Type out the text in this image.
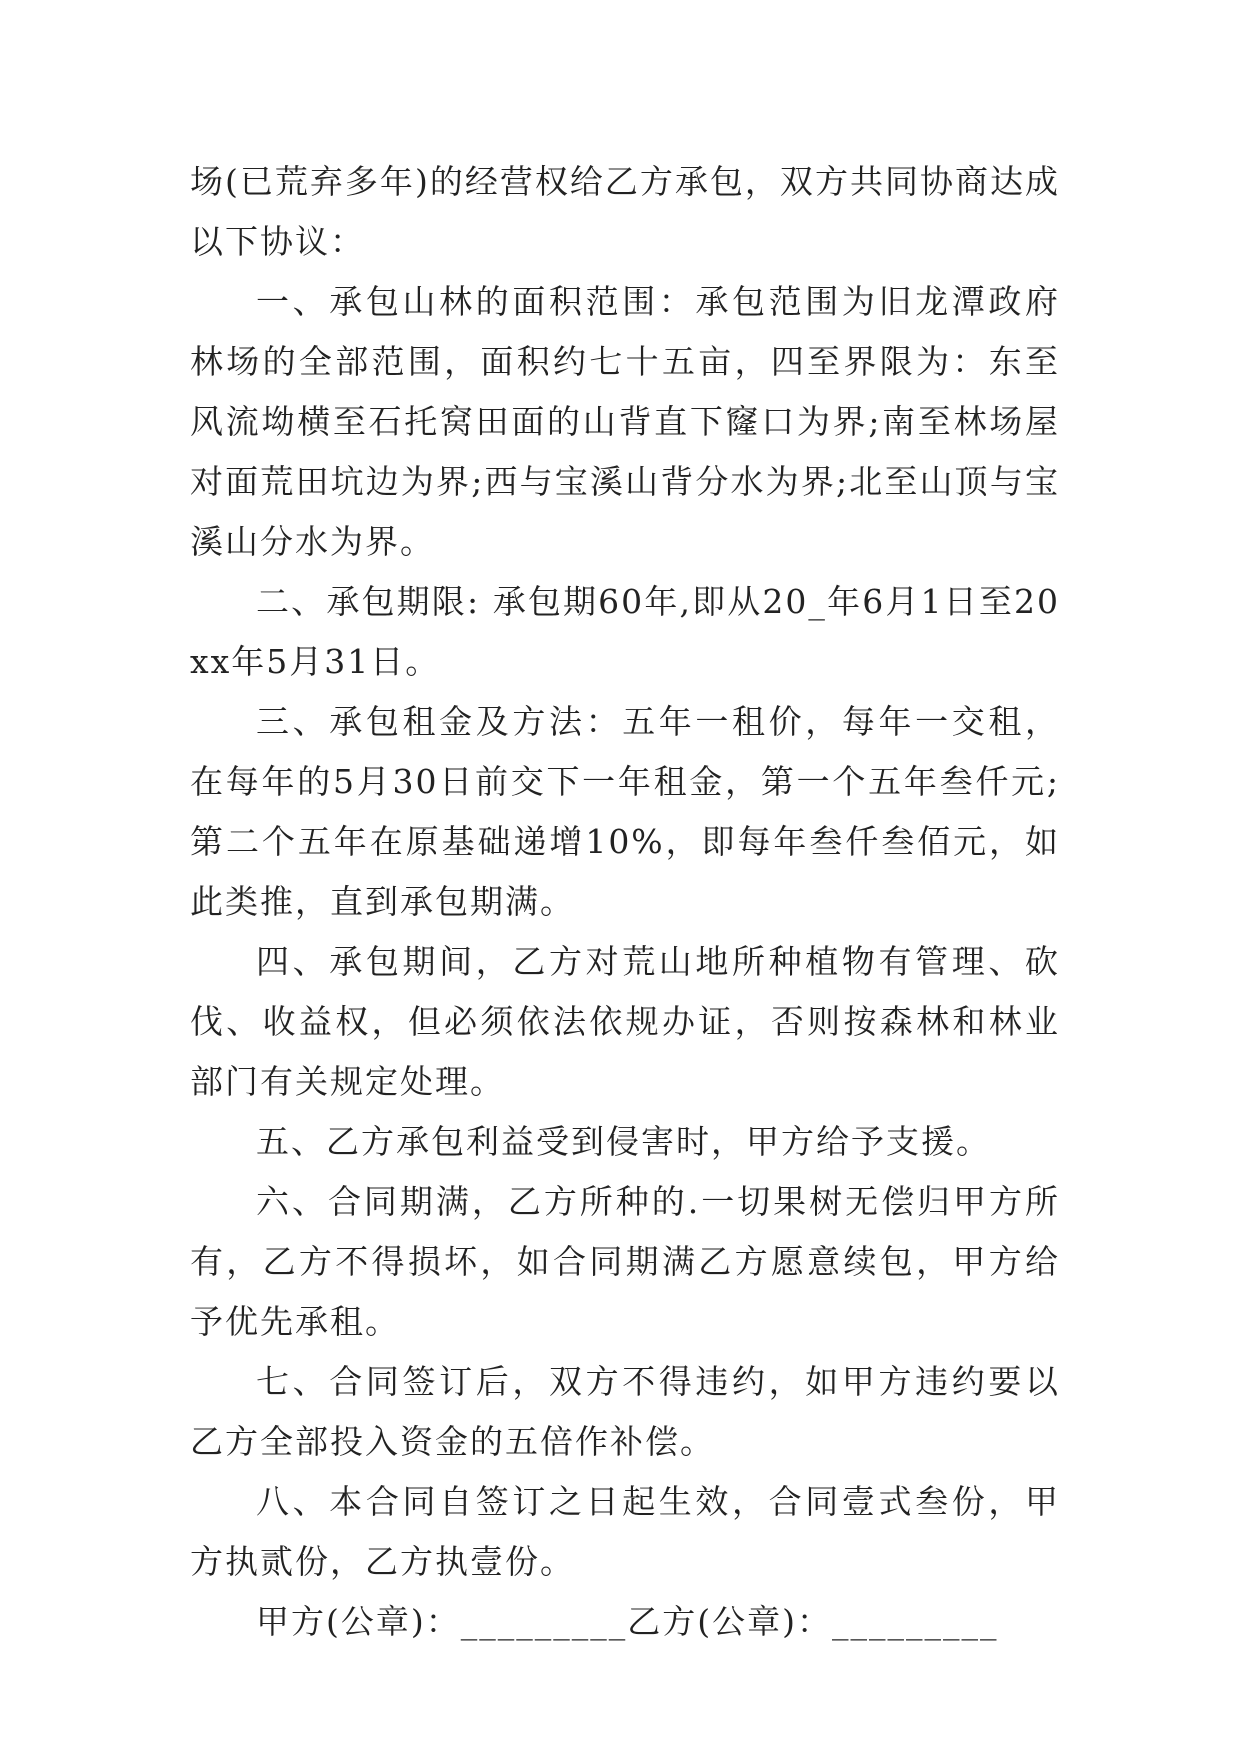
场(已荒弃多年)的经营权给乙方承包，双方共同协商达成以下协议：

一、承包山林的面积范围：承包范围为旧龙潭政府林场的全部范围，面积约七十五亩，四至界限为：东至风流坳横至石托窝田面的山背直下窿口为界;南至林场屋对面荒田坑边为界;西与宝溪山背分水为界;北至山顶与宝溪山分水为界。

二、承包期限: 承包期60年,即从20_年6月1日至20xx年5月31日。

三、承包租金及方法：五年一租价，每年一交租，在每年的5月30日前交下一年租金，第一个五年叁仟元;第二个五年在原基础递增10%，即每年叁仟叁佰元，如此类推，直到承包期满。

四、承包期间，乙方对荒山地所种植物有管理、砍伐、收益权，但必须依法依规办证，否则按森林和林业部门有关规定处理。

五、乙方承包利益受到侵害时，甲方给予支援。

六、合同期满，乙方所种的.一切果树无偿归甲方所有，乙方不得损坏，如合同期满乙方愿意续包，甲方给予优先承租。

七、合同签订后，双方不得违约，如甲方违约要以乙方全部投入资金的五倍作补偿。

八、本合同自签订之日起生效，合同壹式叁份，甲方执贰份，乙方执壹份。

甲方(公章)：_________乙方(公章)：_________
